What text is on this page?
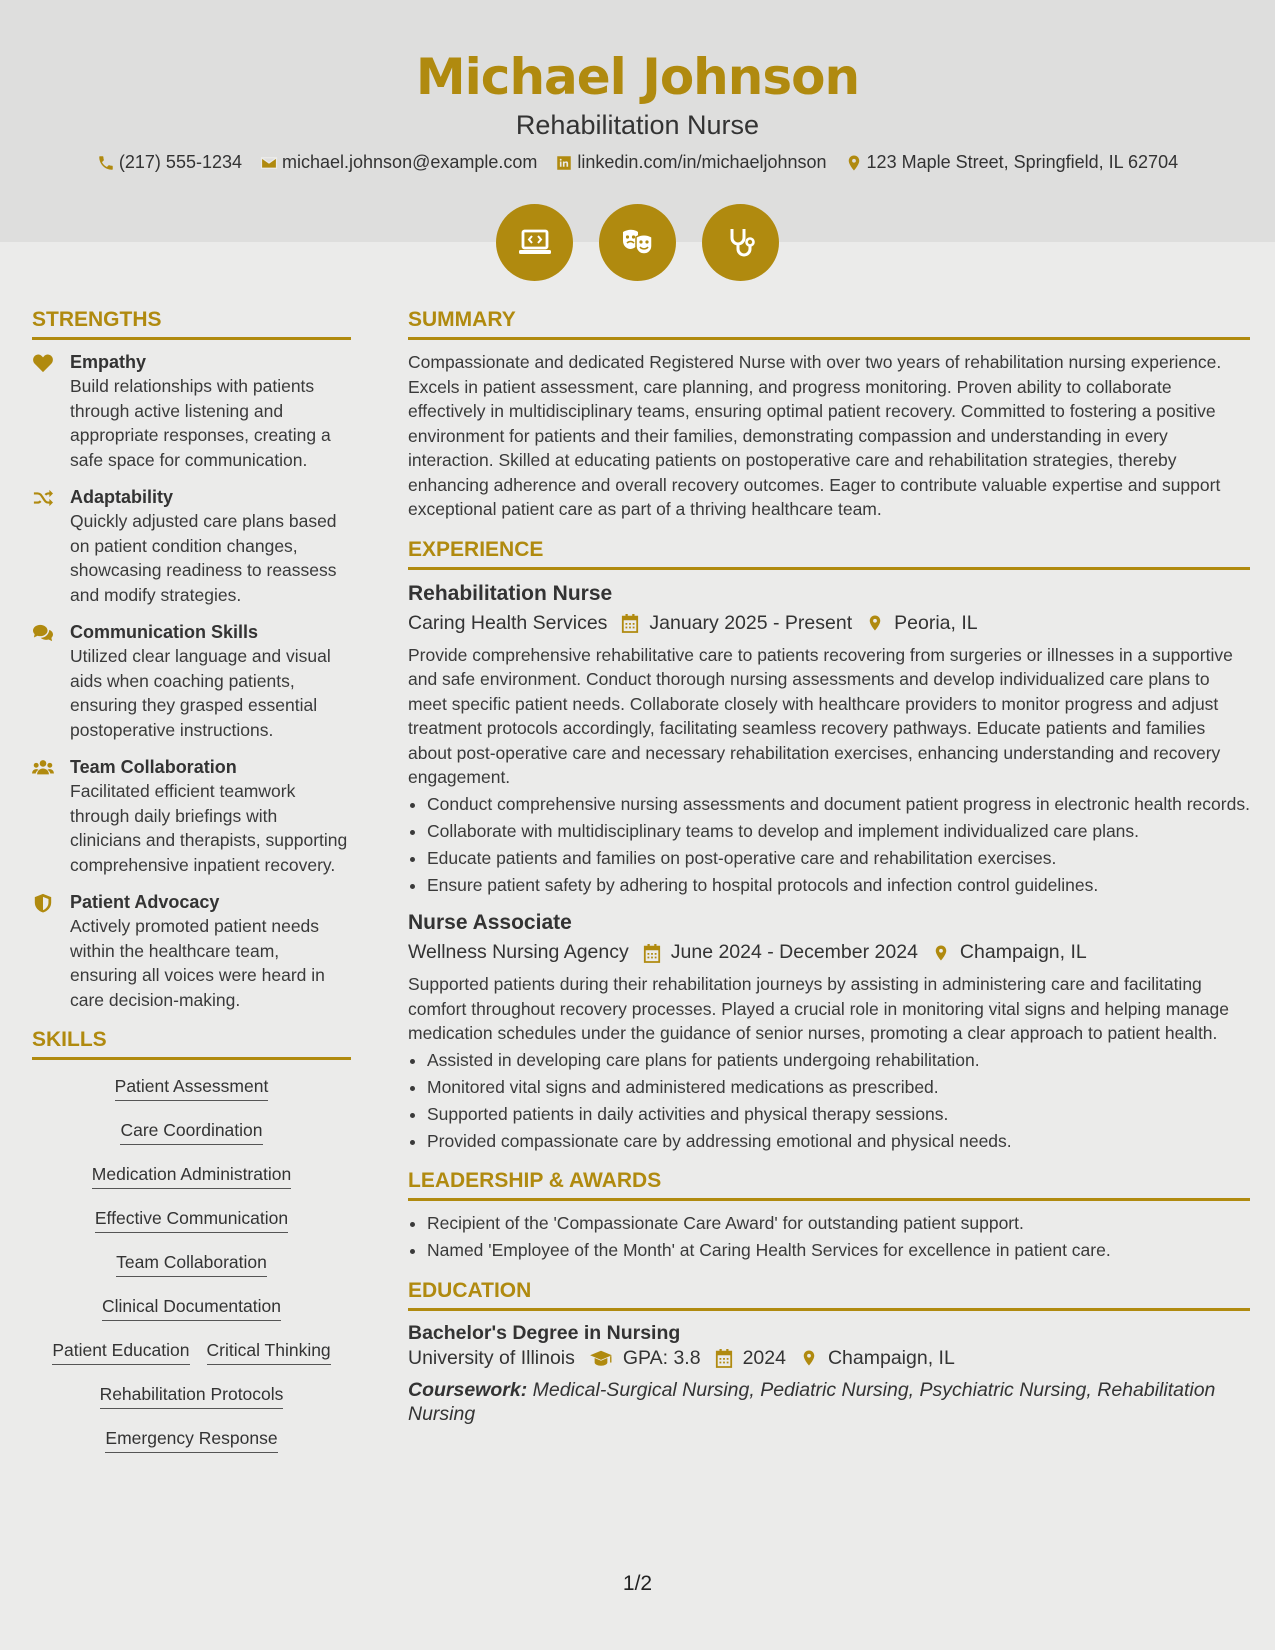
Michael Johnson
Rehabilitation Nurse
(217) 555-1234 michael.johnson@example.com linkedin.com/in/michaeljohnson 123 Maple Street, Springfield, IL 62704
STRENGTHS
Empathy
Build relationships with patients through active listening and appropriate responses, creating a safe space for communication.
Adaptability
Quickly adjusted care plans based on patient condition changes, showcasing readiness to reassess and modify strategies.
Communication Skills
Utilized clear language and visual aids when coaching patients, ensuring they grasped essential postoperative instructions.
Team Collaboration
Facilitated efficient teamwork through daily briefings with clinicians and therapists, supporting comprehensive inpatient recovery.
Patient Advocacy
Actively promoted patient needs within the healthcare team, ensuring all voices were heard in care decision-making.
SKILLS
Patient Assessment
Care Coordination
Medication Administration
Effective Communication
Team Collaboration
Clinical Documentation
Patient Education Critical Thinking
Rehabilitation Protocols
Emergency Response
SUMMARY
Compassionate and dedicated Registered Nurse with over two years of rehabilitation nursing experience. Excels in patient assessment, care planning, and progress monitoring. Proven ability to collaborate effectively in multidisciplinary teams, ensuring optimal patient recovery. Committed to fostering a positive environment for patients and their families, demonstrating compassion and understanding in every interaction. Skilled at educating patients on postoperative care and rehabilitation strategies, thereby enhancing adherence and overall recovery outcomes. Eager to contribute valuable expertise and support exceptional patient care as part of a thriving healthcare team.
EXPERIENCE
Rehabilitation Nurse
Caring Health Services January 2025 - Present Peoria, IL
Provide comprehensive rehabilitative care to patients recovering from surgeries or illnesses in a supportive and safe environment. Conduct thorough nursing assessments and develop individualized care plans to meet specific patient needs. Collaborate closely with healthcare providers to monitor progress and adjust treatment protocols accordingly, facilitating seamless recovery pathways. Educate patients and families about post-operative care and necessary rehabilitation exercises, enhancing understanding and recovery engagement.
• Conduct comprehensive nursing assessments and document patient progress in electronic health records.
• Collaborate with multidisciplinary teams to develop and implement individualized care plans.
• Educate patients and families on post-operative care and rehabilitation exercises.
• Ensure patient safety by adhering to hospital protocols and infection control guidelines.
Nurse Associate
Wellness Nursing Agency June 2024 - December 2024 Champaign, IL
Supported patients during their rehabilitation journeys by assisting in administering care and facilitating comfort throughout recovery processes. Played a crucial role in monitoring vital signs and helping manage medication schedules under the guidance of senior nurses, promoting a clear approach to patient health.
• Assisted in developing care plans for patients undergoing rehabilitation.
• Monitored vital signs and administered medications as prescribed.
• Supported patients in daily activities and physical therapy sessions.
• Provided compassionate care by addressing emotional and physical needs.
LEADERSHIP & AWARDS
• Recipient of the 'Compassionate Care Award' for outstanding patient support.
• Named 'Employee of the Month' at Caring Health Services for excellence in patient care.
EDUCATION
Bachelor's Degree in Nursing
University of Illinois GPA: 3.8 2024 Champaign, IL
Coursework: Medical-Surgical Nursing, Pediatric Nursing, Psychiatric Nursing, Rehabilitation Nursing
1/2
